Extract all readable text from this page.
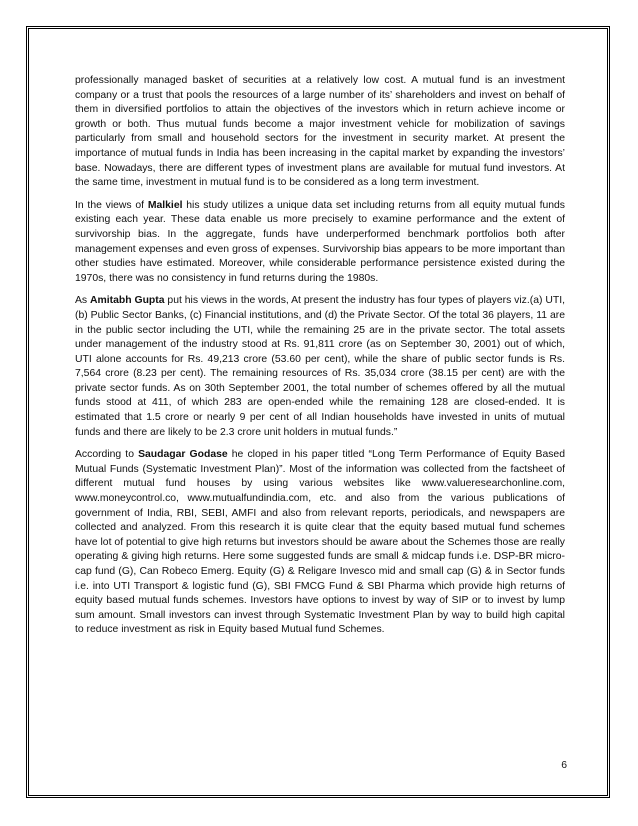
professionally managed basket of securities at a relatively low cost. A mutual fund is an investment company or a trust that pools the resources of a large number of its’ shareholders and invest on behalf of them in diversified portfolios to attain the objectives of the investors which in return achieve income or growth or both. Thus mutual funds become a major investment vehicle for mobilization of savings particularly from small and household sectors for the investment in security market. At present the importance of mutual funds in India has been increasing in the capital market by expanding the investors’ base. Nowadays, there are different types of investment plans are available for mutual fund investors. At the same time, investment in mutual fund is to be considered as a long term investment.

In the views of Malkiel his study utilizes a unique data set including returns from all equity mutual funds existing each year. These data enable us more precisely to examine performance and the extent of survivorship bias. In the aggregate, funds have underperformed benchmark portfolios both after management expenses and even gross of expenses. Survivorship bias appears to be more important than other studies have estimated. Moreover, while considerable performance persistence existed during the 1970s, there was no consistency in fund returns during the 1980s.

As Amitabh Gupta put his views in the words, At present the industry has four types of players viz.(a) UTI, (b) Public Sector Banks, (c) Financial institutions, and (d) the Private Sector. Of the total 36 players, 11 are in the public sector including the UTI, while the remaining 25 are in the private sector. The total assets under management of the industry stood at Rs. 91,811 crore (as on September 30, 2001) out of which, UTI alone accounts for Rs. 49,213 crore (53.60 per cent), while the share of public sector funds is Rs. 7,564 crore (8.23 per cent). The remaining resources of Rs. 35,034 crore (38.15 per cent) are with the private sector funds. As on 30th September 2001, the total number of schemes offered by all the mutual funds stood at 411, of which 283 are open-ended while the remaining 128 are closed-ended. It is estimated that 1.5 crore or nearly 9 per cent of all Indian households have invested in units of mutual funds and there are likely to be 2.3 crore unit holders in mutual funds.”

According to Saudagar Godase he cloped in his paper titled “Long Term Performance of Equity Based Mutual Funds (Systematic Investment Plan)”. Most of the information was collected from the factsheet of different mutual fund houses by using various websites like www.valueresearchonline.com, www.moneycontrol.co, www.mutualfundindia.com, etc. and also from the various publications of government of India, RBI, SEBI, AMFI and also from relevant reports, periodicals, and newspapers are collected and analyzed. From this research it is quite clear that the equity based mutual fund schemes have lot of potential to give high returns but investors should be aware about the Schemes those are really operating & giving high returns. Here some suggested funds are small & midcap funds i.e. DSP-BR micro-cap fund (G), Can Robeco Emerg. Equity (G) & Religare Invesco mid and small cap (G) & in Sector funds i.e. into UTI Transport & logistic fund (G), SBI FMCG Fund & SBI Pharma which provide high returns of equity based mutual funds schemes. Investors have options to invest by way of SIP or to invest by lump sum amount. Small investors can invest through Systematic Investment Plan by way to build high capital to reduce investment as risk in Equity based Mutual fund Schemes.

6
